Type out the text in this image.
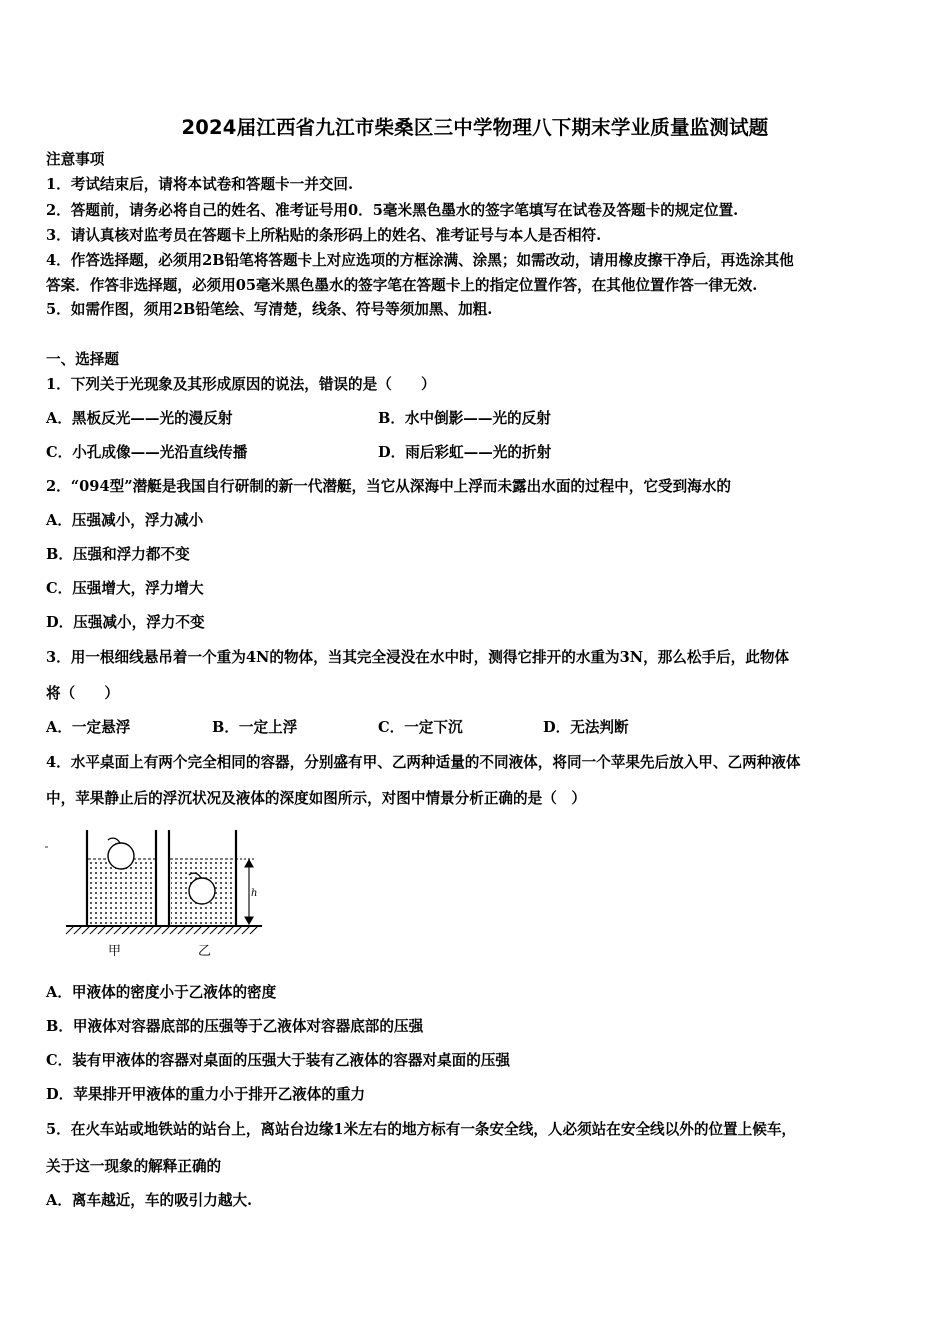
2024届江西省九江市柴桑区三中学物理八下期末学业质量监测试题
注意事项
1．考试结束后，请将本试卷和答题卡一并交回.
2．答题前，请务必将自己的姓名、准考证号用0．5毫米黑色墨水的签字笔填写在试卷及答题卡的规定位置.
3．请认真核对监考员在答题卡上所粘贴的条形码上的姓名、准考证号与本人是否相符.
4．作答选择题，必须用2B铅笔将答题卡上对应选项的方框涂满、涂黑；如需改动，请用橡皮擦干净后，再选涂其他
答案．作答非选择题，必须用05毫米黑色墨水的签字笔在答题卡上的指定位置作答，在其他位置作答一律无效.
5．如需作图，须用2B铅笔绘、写清楚，线条、符号等须加黑、加粗.
一、选择题
1．下列关于光现象及其形成原因的说法，错误的是（　　）
A．黑板反光——光的漫反射	B．水中倒影——光的反射
C．小孔成像——光沿直线传播	D．雨后彩虹——光的折射
2．“094型”潜艇是我国自行研制的新一代潜艇，当它从深海中上浮而未露出水面的过程中，它受到海水的
A．压强减小，浮力减小
B．压强和浮力都不变
C．压强增大，浮力增大
D．压强减小，浮力不变
3．用一根细线悬吊着一个重为4N的物体，当其完全浸没在水中时，测得它排开的水重为3N，那么松手后，此物体
将（　　）
A．一定悬浮	B．一定上浮	C．一定下沉	D．无法判断
4．水平桌面上有两个完全相同的容器，分别盛有甲、乙两种适量的不同液体，将同一个苹果先后放入甲、乙两种液体
中，苹果静止后的浮沉状况及液体的深度如图所示，对图中情景分析正确的是（　）
h
甲	乙
A．甲液体的密度小于乙液体的密度
B．甲液体对容器底部的压强等于乙液体对容器底部的压强
C．装有甲液体的容器对桌面的压强大于装有乙液体的容器对桌面的压强
D．苹果排开甲液体的重力小于排开乙液体的重力
5．在火车站或地铁站的站台上，离站台边缘1米左右的地方标有一条安全线，人必须站在安全线以外的位置上候车，
关于这一现象的解释正确的
A．离车越近，车的吸引力越大.
